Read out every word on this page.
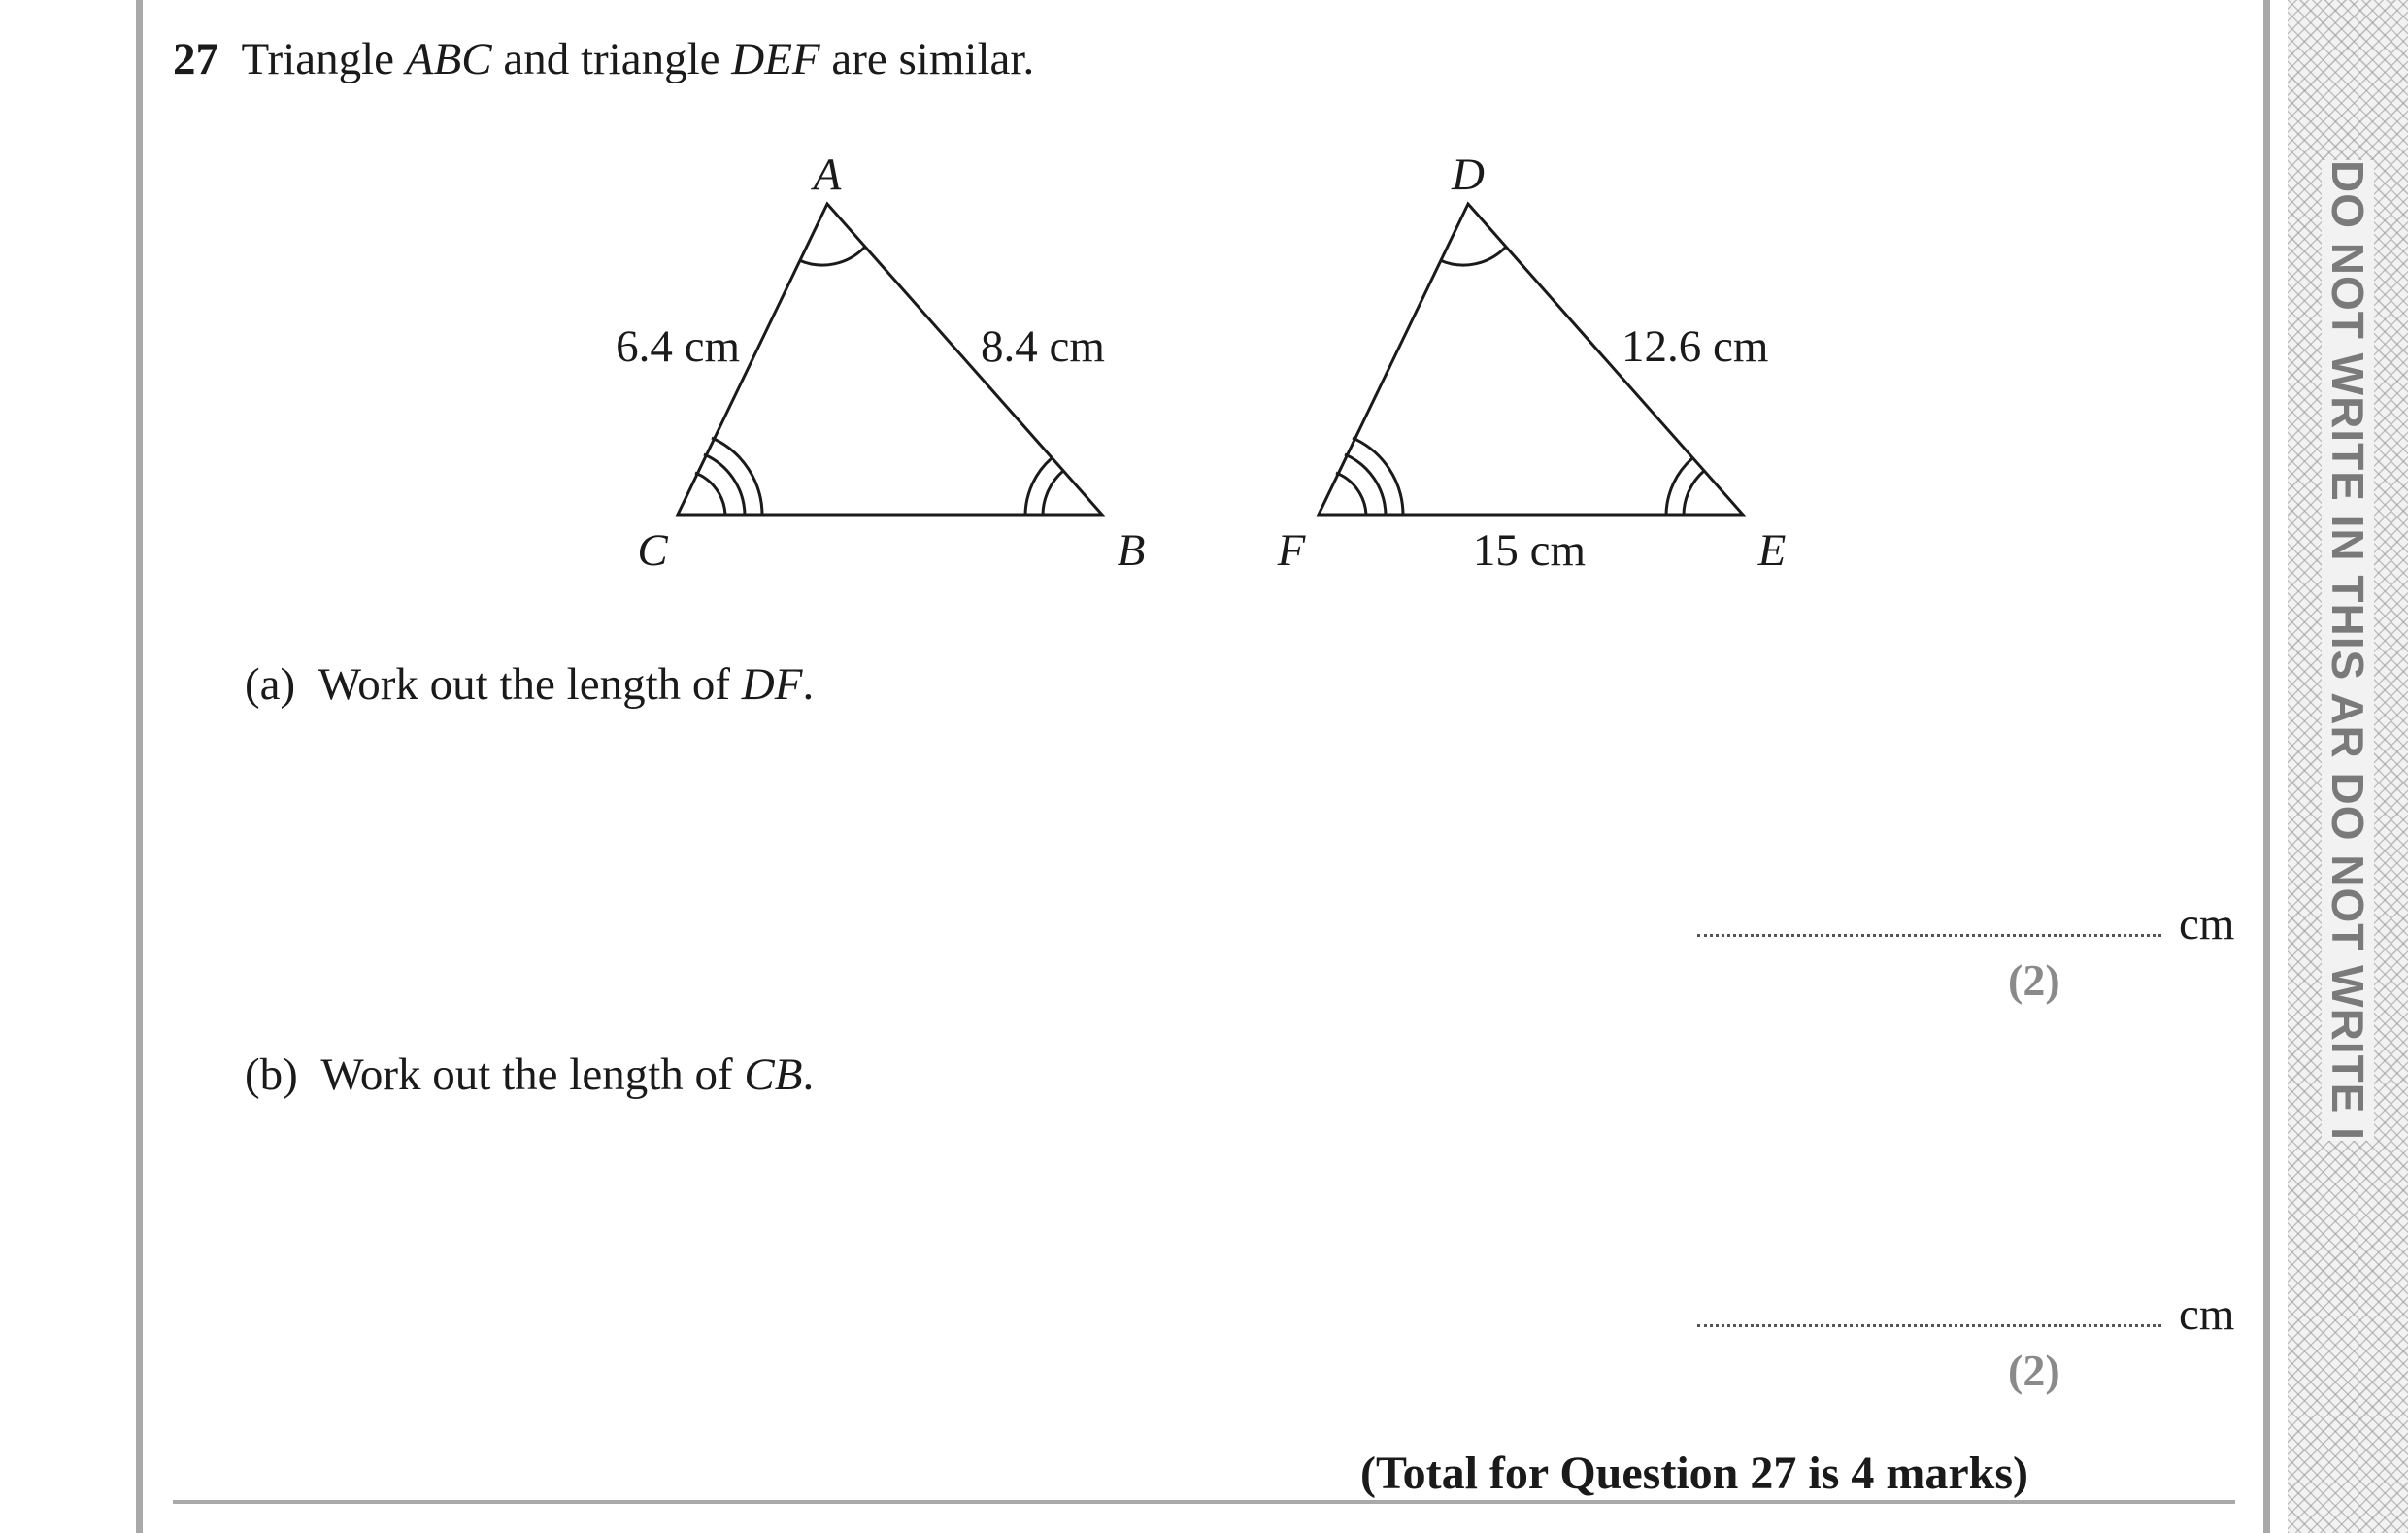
DO NOT WRITE IN THIS AR DO NOT WRITE I
27 Triangle ABC and triangle DEF are similar.
A
B
C
6.4 cm	8.4 cm
D
E
F
12.6 cm
15 cm
(a) Work out the length of DF.
cm
(2)
(b) Work out the length of CB.
cm
(2)
(Total for Question 27 is 4 marks)
